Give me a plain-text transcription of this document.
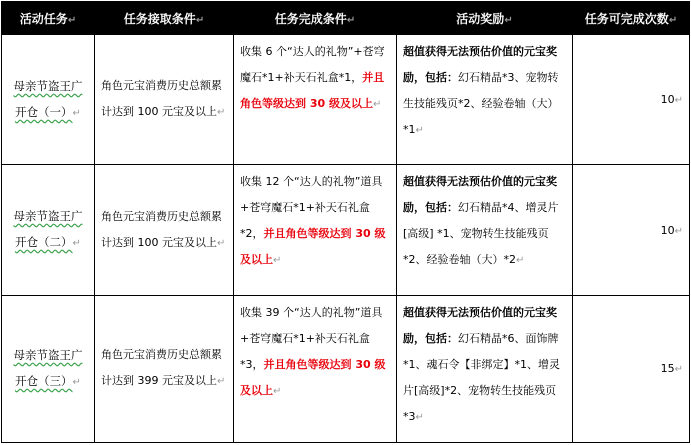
活动任务↵	任务接取条件↵	任务完成条件↵	活动奖励↵	任务可完成次数↵
母亲节盗王广开仓（一）↵	角色元宝消费历史总额累计达到 100 元宝及以上↵	收集 6 个“达人的礼物”+苍穹魔石*1+补天石礼盒*1，并且角色等级达到 30 级及以上↵	超值获得无法预估价值的元宝奖励，包括：幻石精晶*3、宠物转生技能残页*2、经验卷轴（大）*1↵	10↵
母亲节盗王广开仓（二）↵	角色元宝消费历史总额累计达到 100 元宝及以上↵	收集 12 个“达人的礼物”道具+苍穹魔石*1+补天石礼盒*2，并且角色等级达到 30 级及以上↵	超值获得无法预估价值的元宝奖励，包括：幻石精晶*4、增灵片[高级] *1、宠物转生技能残页*2、经验卷轴（大）*2↵	10↵
母亲节盗王广开仓（三）↵	角色元宝消费历史总额累计达到 399 元宝及以上↵	收集 39 个“达人的礼物”道具+苍穹魔石*1+补天石礼盒*3，并且角色等级达到 30 级及以上↵	超值获得无法预估价值的元宝奖励，包括：幻石精晶*6、面饰牌*1、魂石令【非绑定】*1、增灵片[高级]*2、宠物转生技能残页*3↵	15↵
